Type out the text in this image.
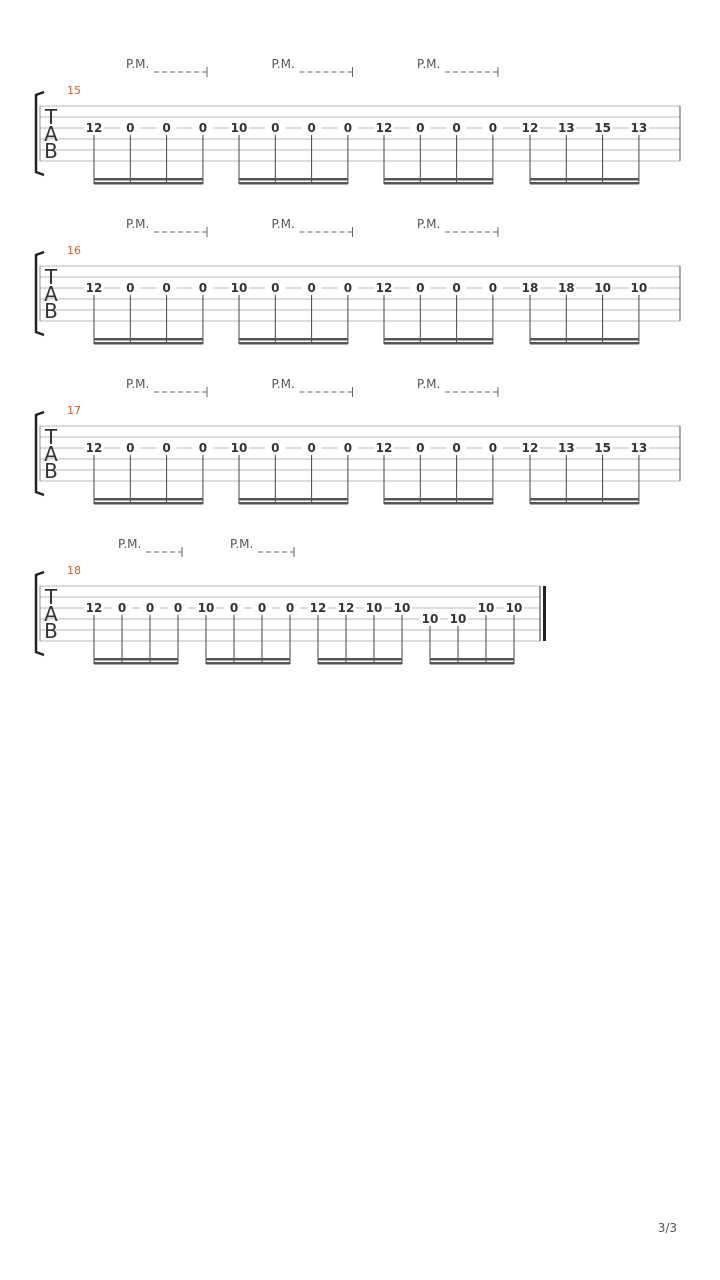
T
A
B
15
12 0 0 0 10 0 0 0 12 0 0 0 12 13 15 13
P.M.	P.M.	P.M.
T
A
B
16
12 0 0 0 10 0 0 0 12 0 0 0 18 18 10 10
P.M.	P.M.	P.M.
T
A
B
17
12 0 0 0 10 0 0 0 12 0 0 0 12 13 15 13
P.M.	P.M.	P.M.
T
A
B
18
12 0 0 0 10 0 0 0 12 12 10 10
10 10
10 10
P.M.	P.M.
3/3
